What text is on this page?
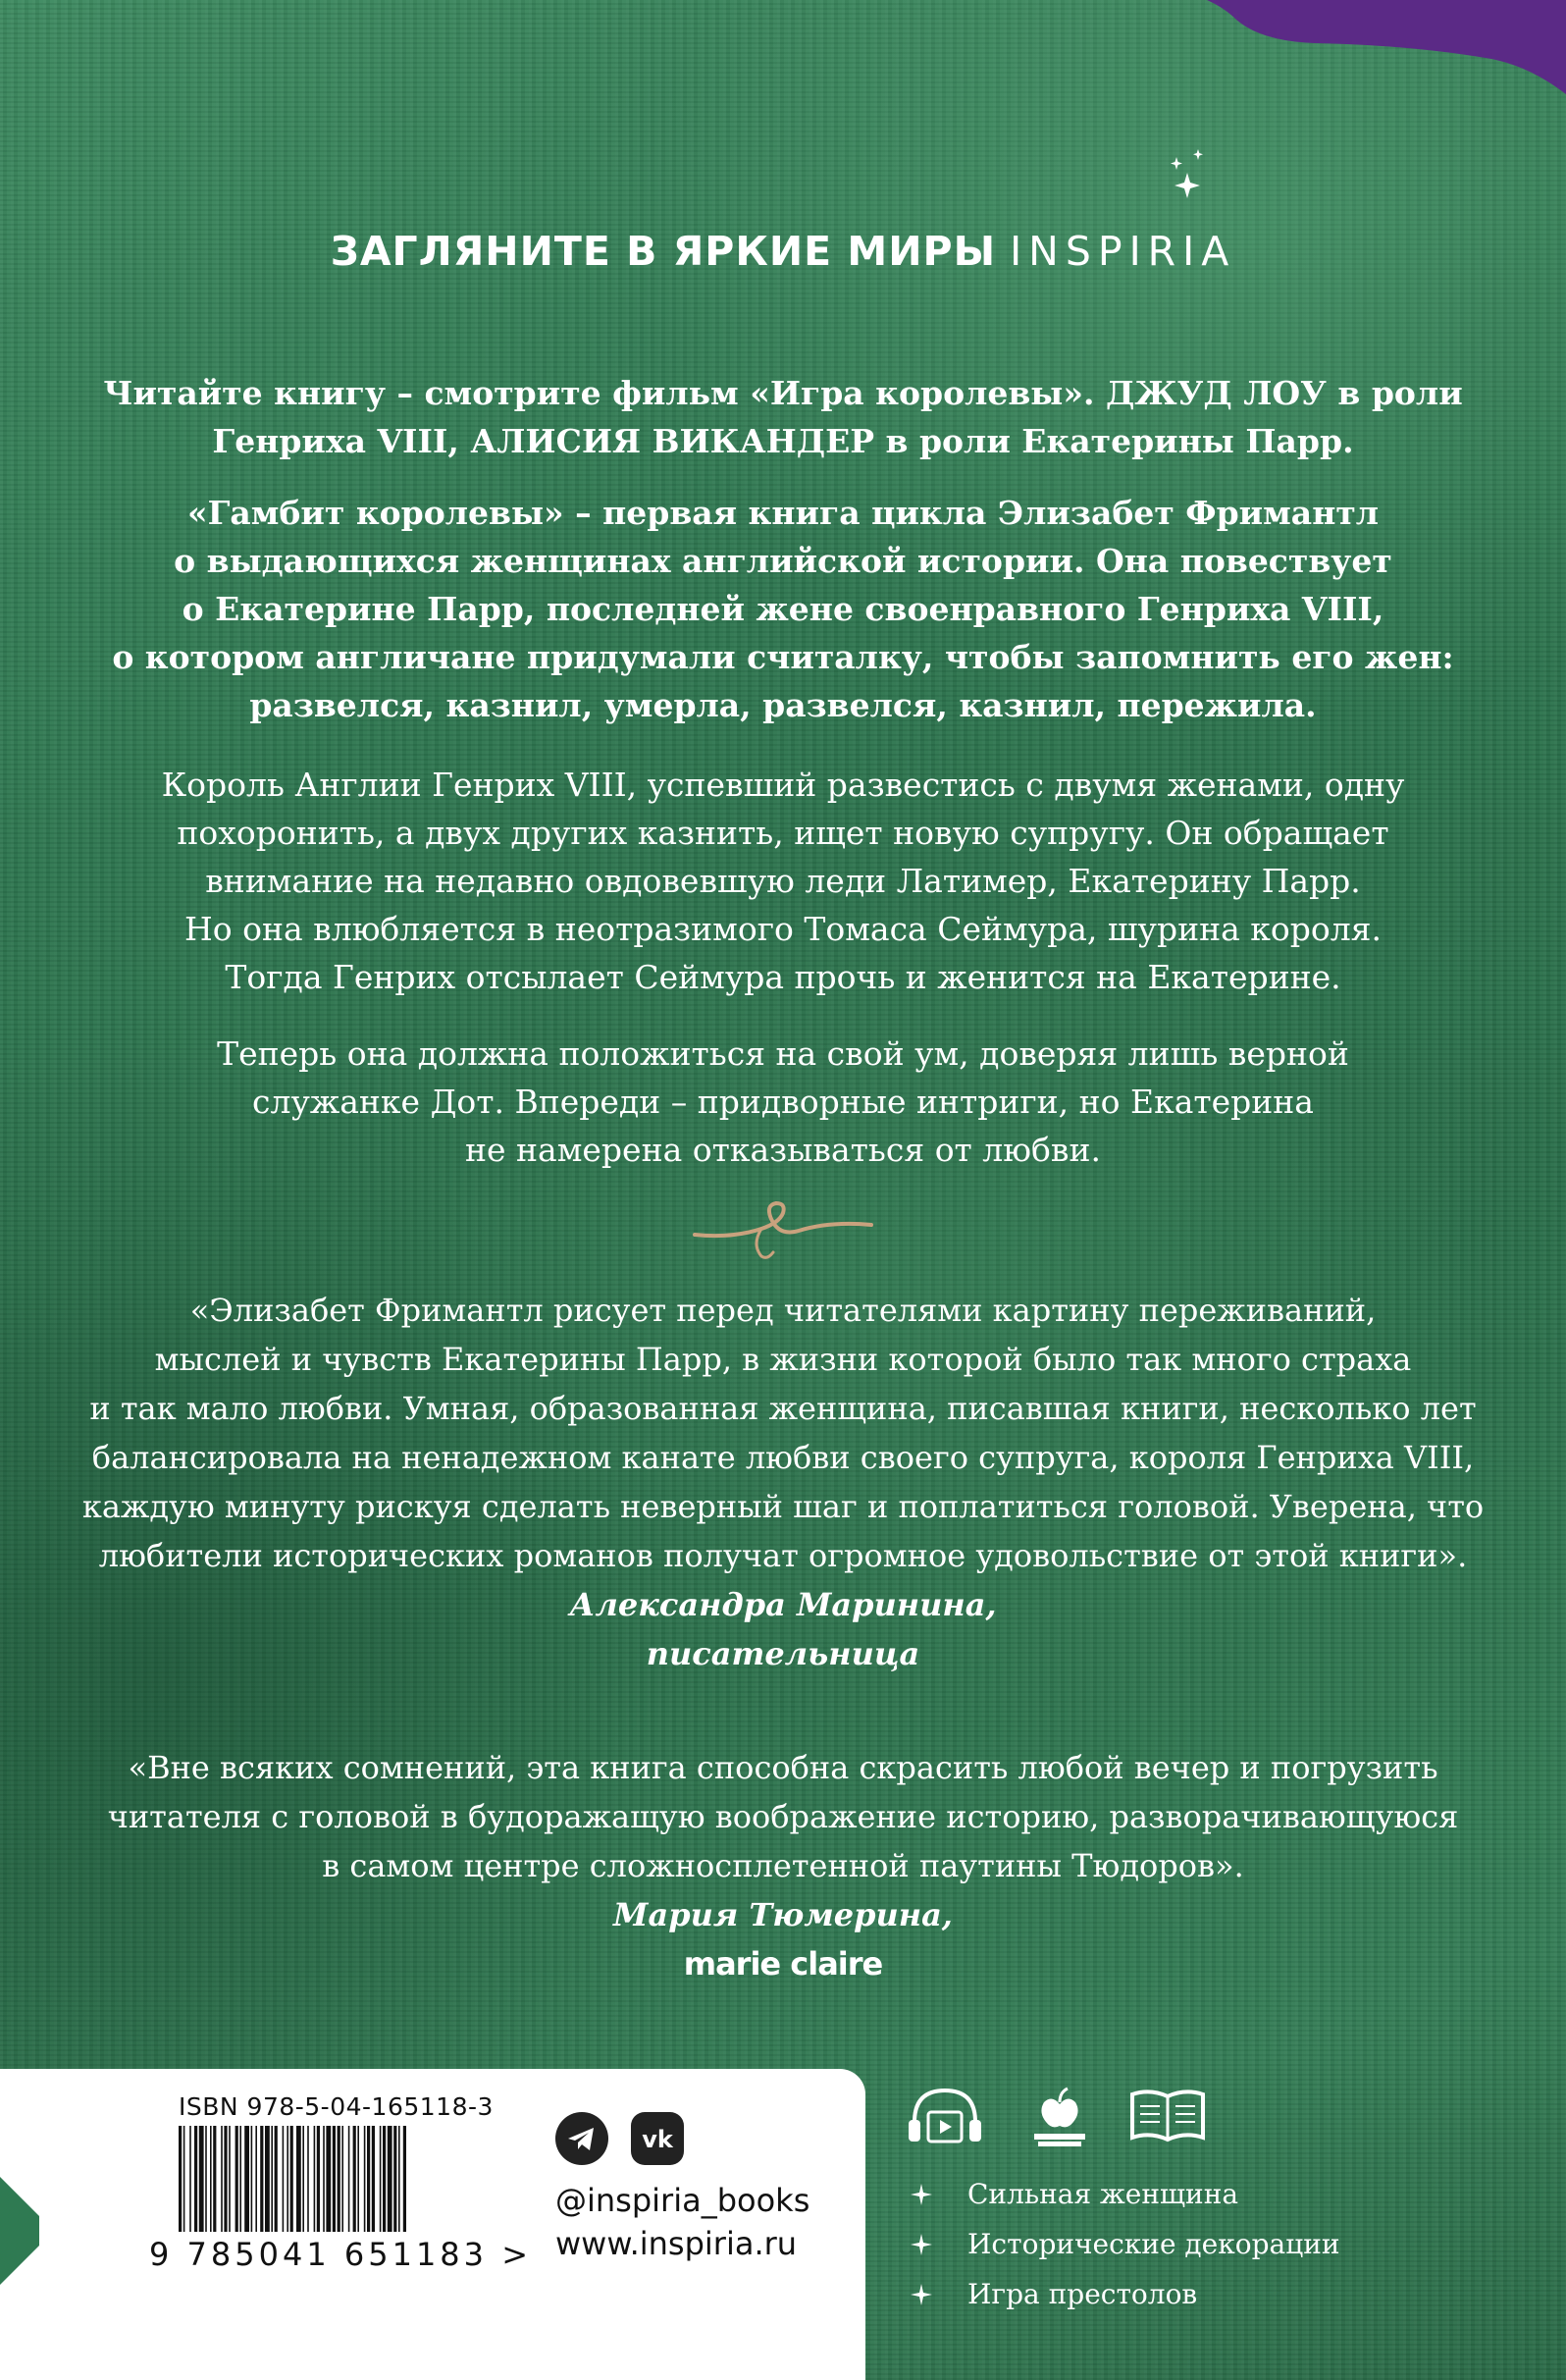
ЗАГЛЯНИТЕ В ЯРКИЕ МИРЫ INSPIRIA
Читайте книгу – смотрите фильм «Игра королевы». ДЖУД ЛОУ в роли
Генриха VIII, АЛИСИЯ ВИКАНДЕР в роли Екатерины Парр.
«Гамбит королевы» – первая книга цикла Элизабет Фримантл
о выдающихся женщинах английской истории. Она повествует
о Екатерине Парр, последней жене своенравного Генриха VIII,
о котором англичане придумали считалку, чтобы запомнить его жен:
развелся, казнил, умерла, развелся, казнил, пережила.
Король Англии Генрих VIII, успевший развестись с двумя женами, одну
похоронить, а двух других казнить, ищет новую супругу. Он обращает
внимание на недавно овдовевшую леди Латимер, Екатерину Парр.
Но она влюбляется в неотразимого Томаса Сеймура, шурина короля.
Тогда Генрих отсылает Сеймура прочь и женится на Екатерине.
Теперь она должна положиться на свой ум, доверяя лишь верной
служанке Дот. Впереди – придворные интриги, но Екатерина
не намерена отказываться от любви.
«Элизабет Фримантл рисует перед читателями картину переживаний,
мыслей и чувств Екатерины Парр, в жизни которой было так много страха
и так мало любви. Умная, образованная женщина, писавшая книги, несколько лет
балансировала на ненадежном канате любви своего супруга, короля Генриха VIII,
каждую минуту рискуя сделать неверный шаг и поплатиться головой. Уверена, что
любители исторических романов получат огромное удовольствие от этой книги».
Александра Маринина,
писательница
«Вне всяких сомнений, эта книга способна скрасить любой вечер и погрузить
читателя с головой в будоражащую воображение историю, разворачивающуюся
в самом центре сложносплетенной паутины Тюдоров».
Мария Тюмерина,
marie claire
ISBN 978-5-04-165118-3
9 785041 651183 >

vk
@inspiria_books
www.inspiria.ru
Сильная женщина
Исторические декорации
Игра престолов
